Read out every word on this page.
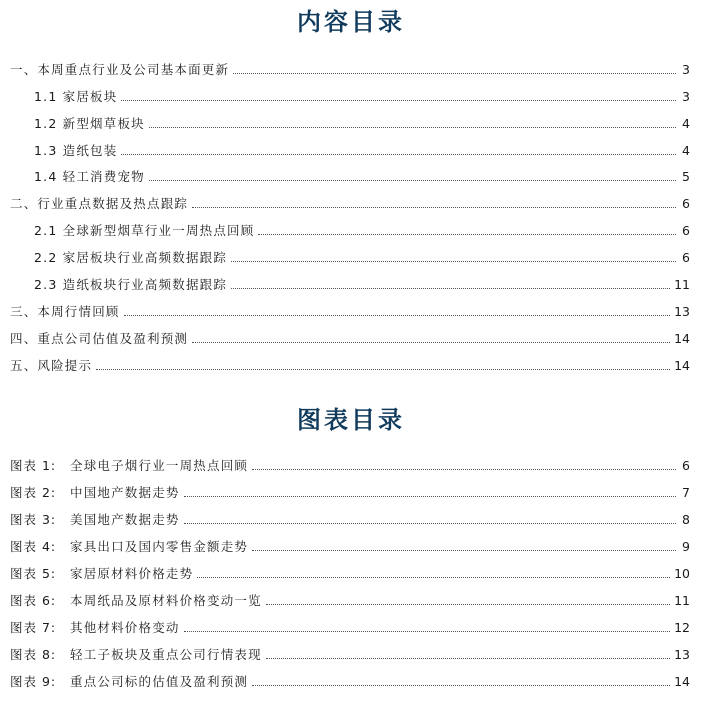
内容目录
一、本周重点行业及公司基本面更新	3
1.1 家居板块	3
1.2 新型烟草板块	4
1.3 造纸包装	4
1.4 轻工消费宠物	5
二、行业重点数据及热点跟踪	6
2.1 全球新型烟草行业一周热点回顾	6
2.2 家居板块行业高频数据跟踪	6
2.3 造纸板块行业高频数据跟踪	11
三、本周行情回顾	13
四、重点公司估值及盈利预测	14
五、风险提示	14
图表目录
图表 1:	全球电子烟行业一周热点回顾	6
图表 2:	中国地产数据走势	7
图表 3:	美国地产数据走势	8
图表 4:	家具出口及国内零售金额走势	9
图表 5:	家居原材料价格走势	10
图表 6:	本周纸品及原材料价格变动一览	11
图表 7:	其他材料价格变动	12
图表 8:	轻工子板块及重点公司行情表现	13
图表 9:	重点公司标的估值及盈利预测	14
